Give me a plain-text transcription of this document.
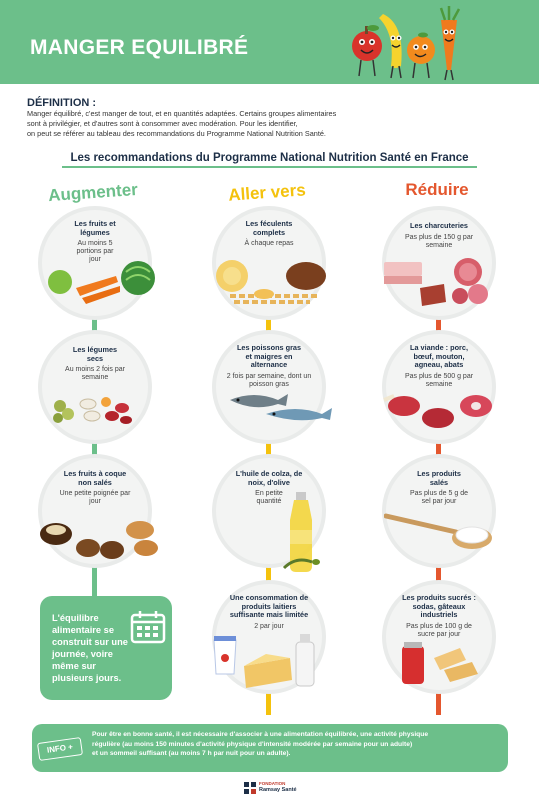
MANGER EQUILIBRÉ
DÉFINITION :
Manger équilibré, c'est manger de tout, et en quantités adaptées. Certains groupes alimentaires
sont à privilégier, et d'autres sont à consommer avec modération. Pour les identifier,
on peut se référer au tableau des recommandations du Programme National Nutrition Santé.
Les recommandations du Programme National Nutrition Santé en France
Augmenter	Aller vers	Réduire
Les fruits et légumes
Au moins 5 portions par jour
Les légumes secs
Au moins 2 fois par semaine
Les fruits à coque non salés
Une petite poignée par jour
Les féculents complets
À chaque repas
Les poissons gras et maigres en alternance
2 fois par semaine, dont un poisson gras
L'huile de colza, de noix, d'olive
En petite quantité
Une consommation de produits laitiers suffisante mais limitée
2 par jour
Les charcuteries
Pas plus de 150 g par semaine
La viande : porc, bœuf, mouton, agneau, abats
Pas plus de 500 g par semaine
Les produits salés
Pas plus de 5 g de sel par jour
Les produits sucrés : sodas, gâteaux industriels
Pas plus de 100 g de sucre par jour
L'équilibre alimentaire se construit sur une journée, voire même sur plusieurs jours.
INFO +
Pour être en bonne santé, il est nécessaire d'associer à une alimentation équilibrée, une activité physique
régulière (au moins 150 minutes d'activité physique d'intensité modérée par semaine pour un adulte)
et un sommeil suffisant (au moins 7 h par nuit pour un adulte).
FONDATION
Ramsay Santé
